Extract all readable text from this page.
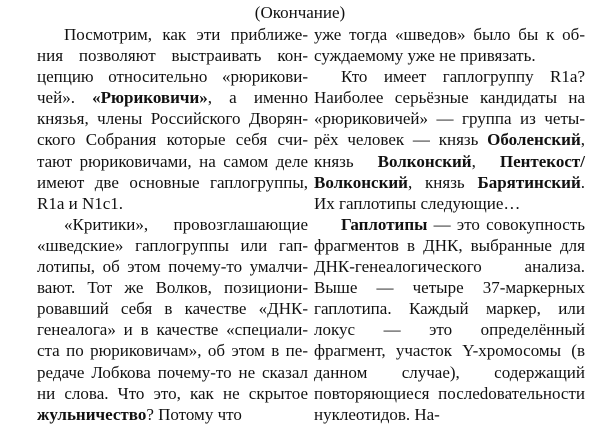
(Окончание)

Посмотрим, как эти приближения позволяют выстраивать концепцию относительно «рюриковичей». «Рюриковичи», а именно князья, члены Российского Дворянского Собрания которые себя считают рюриковичами, на самом деле имеют две основные гаплогруппы, R1a и N1c1.

«Критики», провозглашающие «шведские» гаплогруппы или гаплотипы, об этом почему-то умалчивают. Тот же Волков, позиционировавший себя в качестве «ДНК-генеалога» и в качестве «специалиста по рюриковичам», об этом в передаче Лобкова почему-то не сказал ни слова. Что это, как не скрытое жульничество? Потому что

уже тогда «шведов» было бы к обсуждаемому уже не привязать.

Кто имеет гаплогруппу R1a? Наиболее серьёзные кандидаты на «рюриковичей» — группа из четырёх человек — князь Оболенский, князь Волконский, Пентекост/Волконский, князь Барятинский. Их гаплотипы следующие…

Гаплотипы — это совокупность фрагментов в ДНК, выбранные для ДНК-генеалогического анализа. Выше — четыре 37-маркерных гаплотипа. Каждый маркер, или локус — это определённый фрагмент, участок Y-хромосомы (в данном случае), содержащий повторяющиеся послеdовательности нуклеотидов. На-
